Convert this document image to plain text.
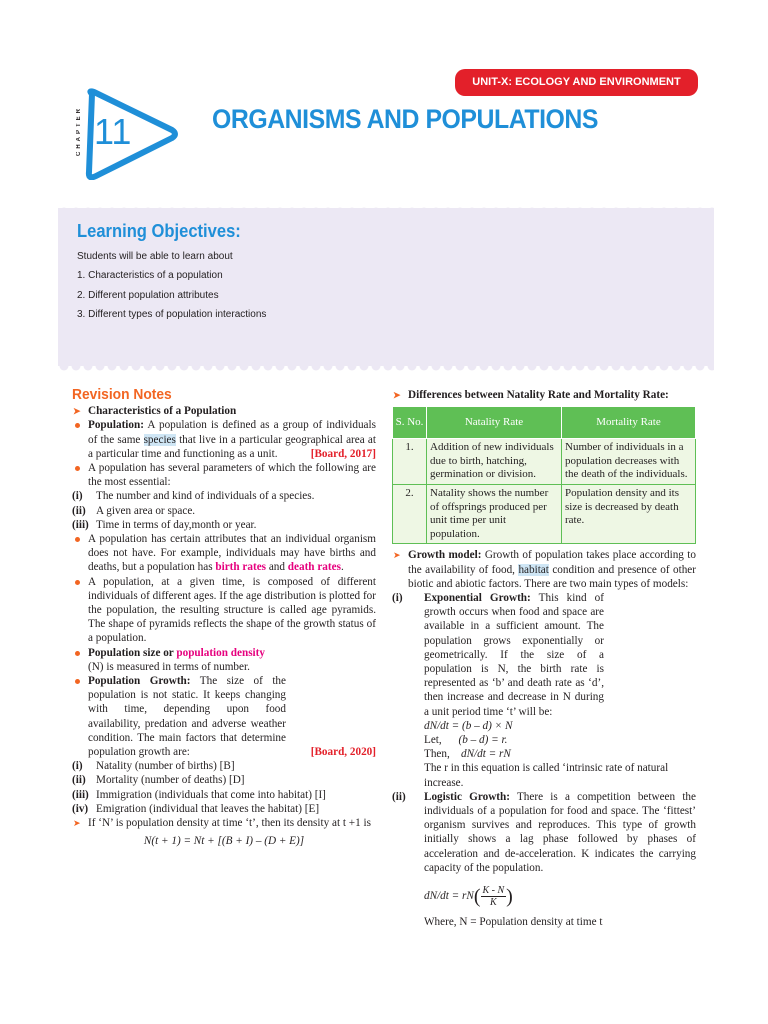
UNIT-X: ECOLOGY AND ENVIRONMENT
CHAPTER 11	ORGANISMS AND POPULATIONS
Learning Objectives:
Students will be able to learn about
1. Characteristics of a population
2. Different population attributes
3. Different types of population interactions
Revision Notes
➤ Characteristics of a Population
Population: A population is defined as a group of individuals of the same species that live in a particular geographical area at a particular time and functioning as a unit.	[Board, 2017]
A population has several parameters of which the following are the most essential:
(i) The number and kind of individuals of a species.
(ii) A given area or space.
(iii) Time in terms of day,month or year.
A population has certain attributes that an individual organism does not have. For example, individuals may have births and deaths, but a population has birth rates and death rates.
A population, at a given time, is composed of different individuals of different ages. If the age distribution is plotted for the population, the resulting structure is called age pyramids. The shape of pyramids reflects the shape of the growth status of a population.
Population size or population density
(N) is measured in terms of number.
Population Growth: The size of the population is not static. It keeps changing with time, depending upon food availability, predation and adverse weather condition. The main factors that determine population growth are:	[Board, 2020]
(i) Natality (number of births) [B]
(ii) Mortality (number of deaths) [D]
(iii) Immigration (individuals that come into habitat) [I]
(iv) Emigration (individual that leaves the habitat) [E]
➤ If ‘N’ is population density at time ‘t’, then its density at t +1 is
N(t + 1) = Nt + [(B + I) – (D + E)]
➤ Differences between Natality Rate and Mortality Rate:
S. No.	Natality Rate	Mortality Rate
1.	Addition of new individuals due to birth, hatching, germination or division.	Number of individuals in a population decreases with the death of the individuals.
2.	Natality shows the number of offsprings produced per unit time per unit population.	Population density and its size is decreased by death rate.
➤ Growth model: Growth of population takes place according to the availability of food, habitat condition and presence of other biotic and abiotic factors. There are two main types of models:
(i) Exponential Growth: This kind of growth occurs when food and space are available in a sufficient amount. The population grows exponentially or geometrically. If the size of a population is N, the birth rate is represented as ‘b’ and death rate as ‘d’, then increase and decrease in N during a unit period time ‘t’ will be:
dN/dt = (b – d) × N
Let, (b – d) = r.
Then, dN/dt = rN
The r in this equation is called ‘intrinsic rate of natural increase.
(ii) Logistic Growth: There is a competition between the individuals of a population for food and space. The ‘fittest’ organism survives and reproduces. This type of growth initially shows a lag phase followed by phases of acceleration and de-acceleration. K indicates the carrying capacity of the population.
$dN/dt = rN( \frac{K - N}{K}$ )
Where, N = Population density at time t
